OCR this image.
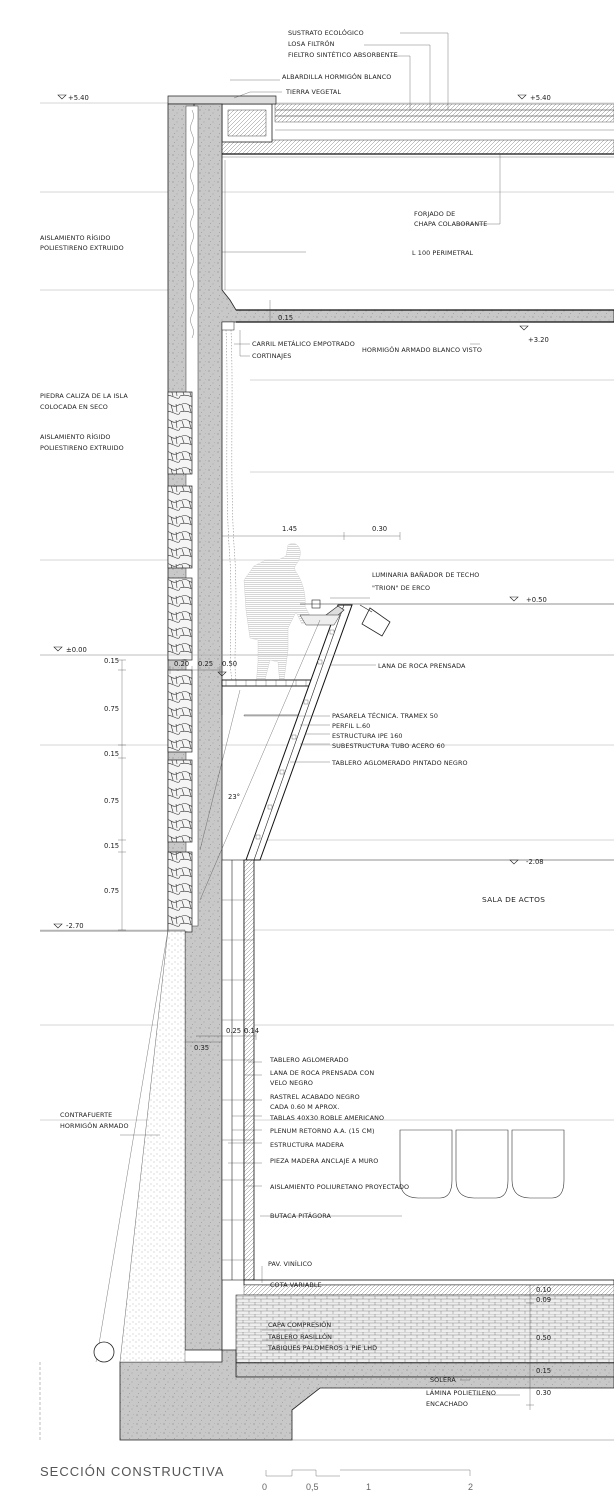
+5.40	+5.40
+3.20
+0.50
±0.00
-2.08
-2.70
0.15
1.45	0.30
0.20 0.25 0.50
23°
0.15
0.75
0.15
0.75
0.15
0.75
0.25 0.14
0.35
0.10
0.09
0.50
0.15
0.30
SUSTRATO ECOLÓGICO
LOSA FILTRÓN
FIELTRO SINTÉTICO ABSORBENTE
ALBARDILLA HORMIGÓN BLANCO
TIERRA VEGETAL
FORJADO DE
CHAPA COLABORANTE
AISLAMIENTO RÍGIDO
POLIESTIRENO EXTRUIDO
L 100 PERIMETRAL
CARRIL METÁLICO EMPOTRADO
CORTINAJES
HORMIGÓN ARMADO BLANCO VISTO
PIEDRA CALIZA DE LA ISLA
COLOCADA EN SECO
AISLAMIENTO RÍGIDO
POLIESTIRENO EXTRUIDO
LUMINARIA BAÑADOR DE TECHO
"TRION" DE ERCO
LANA DE ROCA PRENSADA
PASARELA TÉCNICA. TRAMEX 50
PERFIL L.60
ESTRUCTURA IPE 160
SUBESTRUCTURA TUBO ACERO 60
TABLERO AGLOMERADO PINTADO NEGRO
SALA DE ACTOS
TABLERO AGLOMERADO
LANA DE ROCA PRENSADA CON
VELO NEGRO
RASTREL ACABADO NEGRO
CADA 0.60 M APROX.
TABLAS 40X30 ROBLE AMERICANO
PLENUM RETORNO A.A. (15 CM)
ESTRUCTURA MADERA
PIEZA MADERA ANCLAJE A MURO
AISLAMIENTO POLIURETANO PROYECTADO
BUTACA PITÁGORA
CONTRAFUERTE
HORMIGÓN ARMADO
PAV. VINÍLICO
COTA VARIABLE
CAPA COMPRESIÓN
TABLERO RASILLÓN
TABIQUES PALOMEROS 1 PIE LHD
SOLERA
LÁMINA POLIETILENO
ENCACHADO
SECCIÓN CONSTRUCTIVA
0	0,5	1	2
